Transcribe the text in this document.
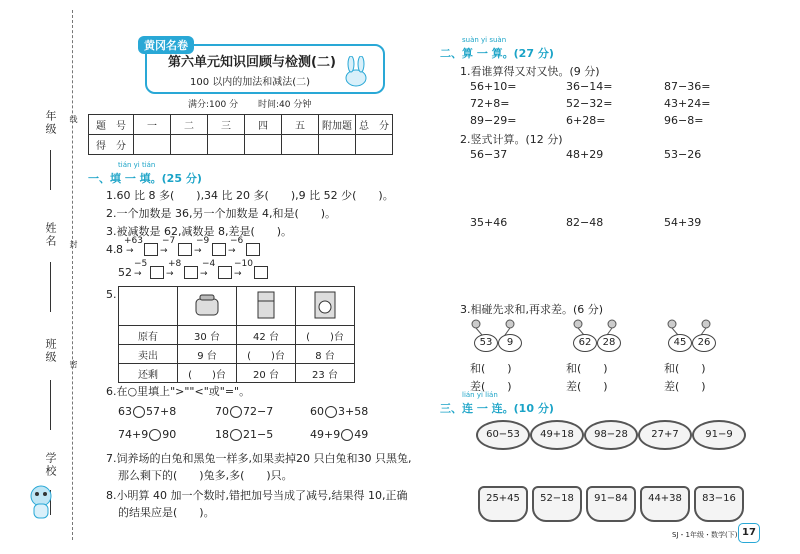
年级
姓名
班级
学校
线
封
密
黄冈名卷
第六单元知识回顾与检测(二)
100 以内的加法和减法(二)
满分:100 分 时间:40 分钟
题　号	一	二	三	四	五	附加题	总　分
得　分							
tián yi tián
一、填 一 填。(25 分)
1.60 比 8 多(　　),34 比 20 多(　　),9 比 52 少(　　)。
2.一个加数是 36,另一个加数是 4,和是(　　)。
3.被减数是 62,减数是 8,差是(　　)。
4. 8
+63
→
−7
→
−9
→
−6
→
52
−5
→
+8
→
−4
→
−10
→
5.

原有	30 台	42 台	(　　)台
卖出	9 台	(　　)台	8 台
还剩	(　　)台	20 台	23 台
6.在○里填上">""<"或"="。
63 57+8	70 72−7	60 3+58
74+9 90	18 21−5	49+9 49
7.饲养场的白兔和黑兔一样多,如果卖掉20 只白兔和30 只黑兔,
那么剩下的(　　)兔多,多(　　)只。
8.小明算 40 加一个数时,错把加号当成了减号,结果得 10,正确
的结果应是(　　)。
suàn yi suàn
二、算 一 算。(27 分)
1.看谁算得又对又快。(9 分)
56+10=	36−14=	87−36=
72+8=	52−32=	43+24=
89−29=	6+28=	96−8=
2.竖式计算。(12 分)
56−37	48+29	53−26
35+46	82−48	54+39
3.相碰先求和,再求差。(6 分)
53	9	62	28	45	26
和(　　)	和(　　)	和(　　)
差(　　)	差(　　)	差(　　)
lián yi lián
三、连 一 连。(10 分)
60−53	49+18	98−28	27+7	91−9
25+45	52−18	91−84	44+38	83−16
SJ・1年级・数学(下) 17
